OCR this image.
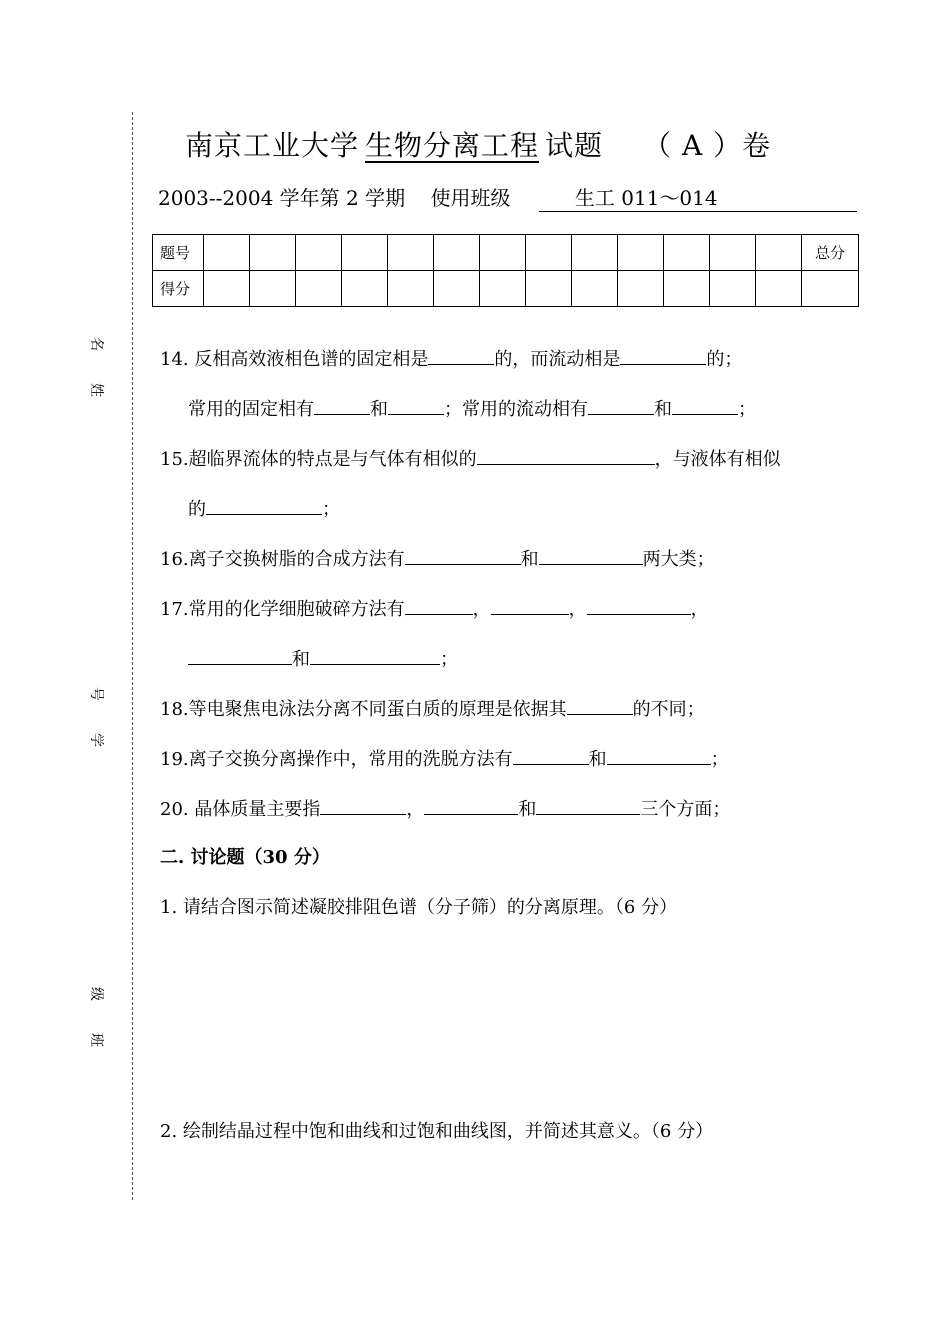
名
姓
号
学
级
班
南京工业大学 生物分离工程 试题 （ A ）卷
2003--2004 学年第 2 学期 使用班级	生工 011～014
题号														总分
得分														
14. 反相高效液相色谱的固定相是	的，而流动相是	的；
常用的固定相有	和	；常用的流动相有	和	；
15.超临界流体的特点是与气体有相似的	，与液体有相似
的	；
16.离子交换树脂的合成方法有	和	两大类；
17.常用的化学细胞破碎方法有	，	，	，
和	；
18.等电聚焦电泳法分离不同蛋白质的原理是依据其	的不同；
19.离子交换分离操作中，常用的洗脱方法有	和	；
20. 晶体质量主要指	，	和	三个方面；
二. 讨论题（30 分）
1. 请结合图示简述凝胶排阻色谱（分子筛）的分离原理。（6 分）
2. 绘制结晶过程中饱和曲线和过饱和曲线图，并简述其意义。（6 分）
